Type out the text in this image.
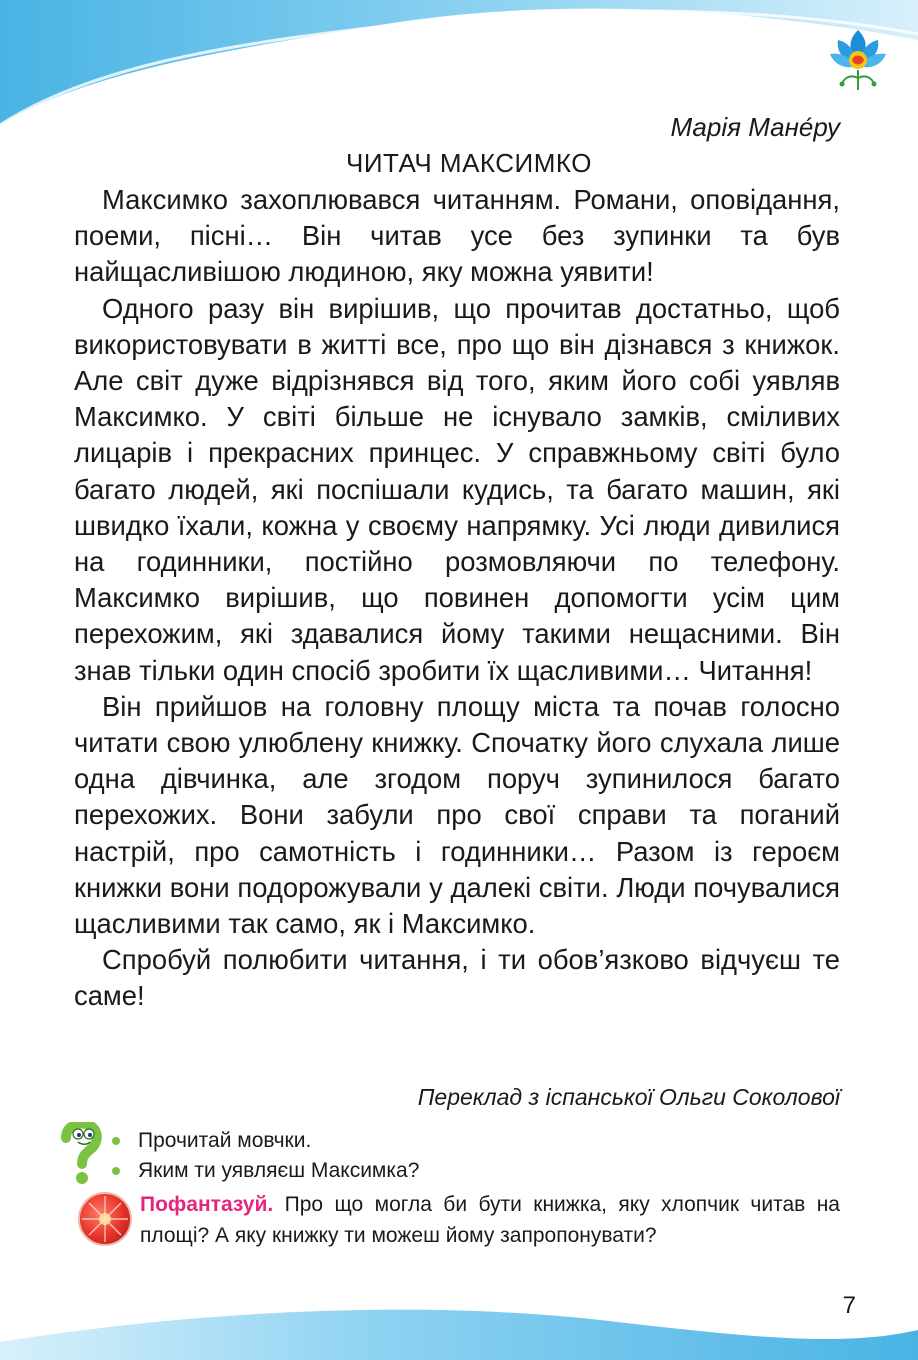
Марія Мане́ру
ЧИТАЧ МАКСИМКО

Максимко захоплювався читанням. Романи, оповідання, поеми, пісні… Він читав усе без зупинки та був найщасливішою людиною, яку можна уявити!

Одного разу він вирішив, що прочитав достатньо, щоб використовувати в житті все, про що він дізнався з книжок. Але світ дуже відрізнявся від того, яким його собі уявляв Максимко. У світі більше не існувало замків, сміливих лицарів і прекрасних принцес. У справжньому світі було багато людей, які поспішали кудись, та багато машин, які швидко їхали, кожна у своєму напрямку. Усі люди дивилися на годинники, постійно розмовляючи по телефону. Максимко вирішив, що повинен допомогти усім цим перехожим, які здавалися йому такими нещасними. Він знав тільки один спосіб зробити їх щасливими… Читання!

Він прийшов на головну площу міста та почав голосно читати свою улюблену книжку. Спочатку його слухала лише одна дівчинка, але згодом поруч зупинилося багато перехожих. Вони забули про свої справи та поганий настрій, про самотність і годинники… Разом із героєм книжки вони подорожували у далекі світи. Люди почувалися щасливими так само, як і Максимко.

Спробуй полюбити читання, і ти обов’язково відчуєш те саме!

Переклад з іспанської Ольги Соколової
Прочитай мовчки.
Яким ти уявляєш Максимка?
Пофантазуй. Про що могла би бути книжка, яку хлопчик читав на площі? А яку книжку ти можеш йому запропонувати?
7
